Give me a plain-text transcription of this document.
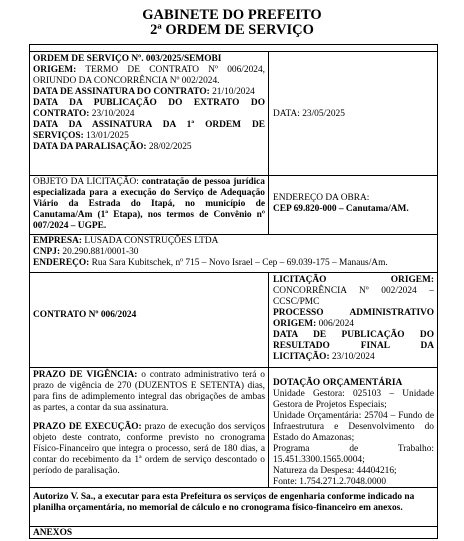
GABINETE DO PREFEITO
2ª ORDEM DE SERVIÇO

ORDEM DE SERVIÇO Nº. 003/2025/SEMOBI

ORIGEM: TERMO DE CONTRATO Nº 006/2024, ORIUNDO DA CONCORRÊNCIA Nº 002/2024.

DATA DE ASSINATURA DO CONTRATO: 21/10/2024

DATA DA PUBLICAÇÃO DO EXTRATO DO CONTRATO: 23/10/2024

DATA DA ASSINATURA DA 1ª ORDEM DE SERVIÇOS: 13/01/2025

DATA DA PARALISAÇÃO: 28/02/2025

DATA: 23/05/2025
OBJETO DA LICITAÇÃO: contratação de pessoa jurídica especializada para a execução do Serviço de Adequação Viário da Estrada do Itapá, no município de Canutama/Am (1ª Etapa), nos termos de Convênio nº 007/2024 – UGPE.

ENDEREÇO DA OBRA:

CEP 69.820-000 – Canutama/AM.

EMPRESA: LUSADA CONSTRUÇÕES LTDA

CNPJ: 20.290.881/0001-30

ENDEREÇO: Rua Sara Kubitschek, nº 715 – Novo Israel – Cep – 69.039-175 – Manaus/Am.

CONTRATO Nº 006/2024

LICITAÇÃO ORIGEM: CONCORRÊNCIA Nº 002/2024 – CCSC/PMC

PROCESSO ADMINISTRATIVO ORIGEM: 006/2024

DATA DE PUBLICAÇÃO DO RESULTADO FINAL DA LICITAÇÃO: 23/10/2024

PRAZO DE VIGÊNCIA: o contrato administrativo terá o prazo de vigência de 270 (DUZENTOS E SETENTA) dias, para fins de adimplemento integral das obrigações de ambas as partes, a contar da sua assinatura.

PRAZO DE EXECUÇÃO: prazo de execução dos serviços objeto deste contrato, conforme previsto no cronograma Físico-Financeiro que integra o processo, será de 180 dias, a contar do recebimento da 1ª ordem de serviço descontado o período de paralisação.

DOTAÇÃO ORÇAMENTÁRIA

Unidade Gestora: 025103 – Unidade Gestora de Projetos Especiais;

Unidade Orçamentária: 25704 – Fundo de Infraestrutura e Desenvolvimento do Estado do Amazonas;

Programa de Trabalho: 15.451.3300.1565.0004;

Natureza da Despesa: 44404216;

Fonte: 1.754.271.2.7048.0000

Autorizo V. Sa., a executar para esta Prefeitura os serviços de engenharia conforme indicado na planilha orçamentária, no memorial de cálculo e no cronograma físico-financeiro em anexos.
ANEXOS
